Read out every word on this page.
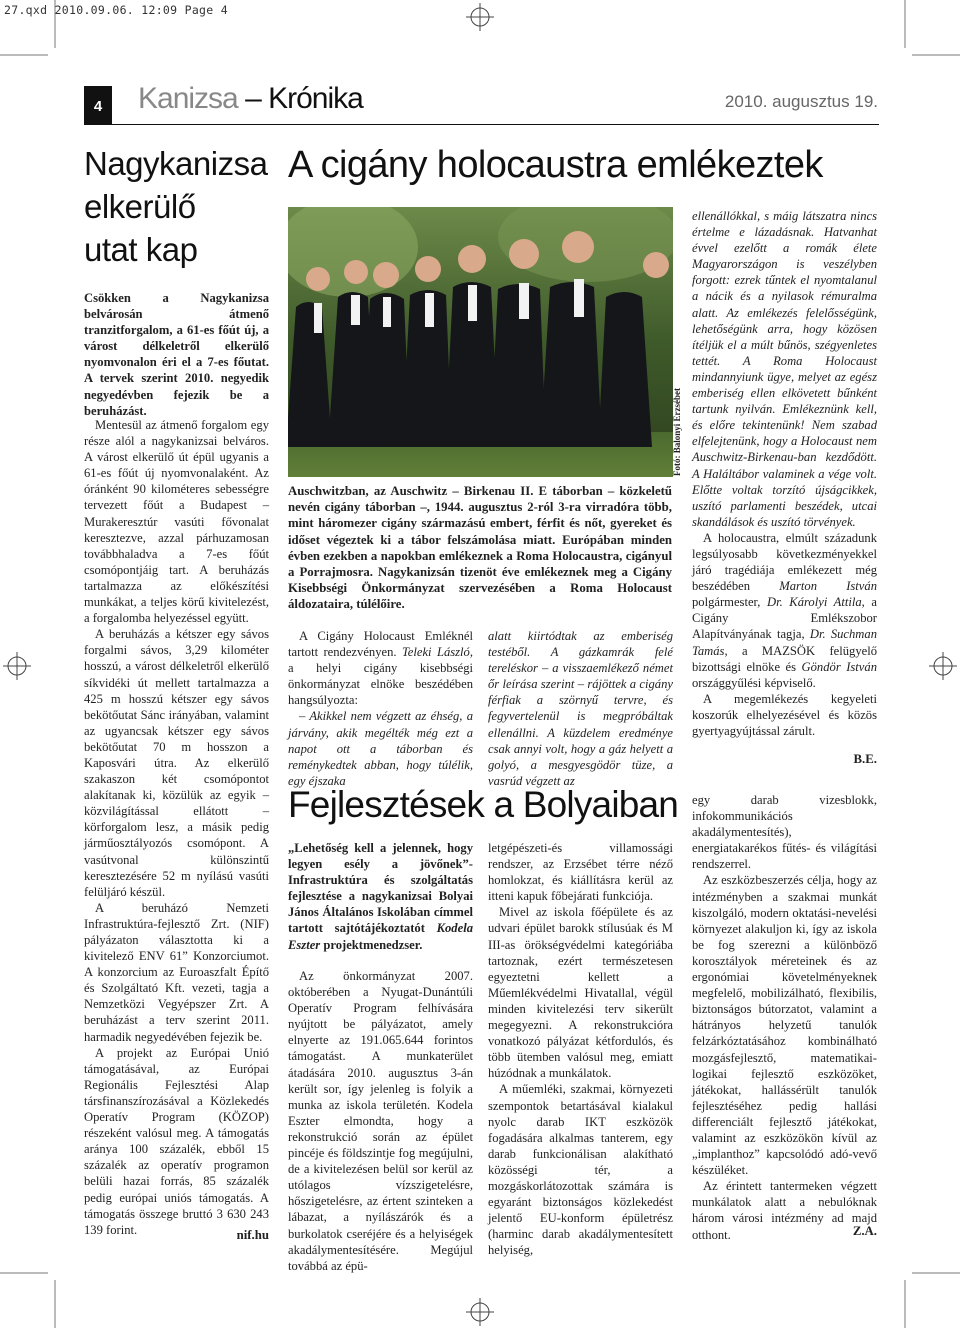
27.qxd 2010.09.06. 12:09 Page 4
4	Kanizsa – Krónika	2010. augusztus 19.
Nagykanizsa
elkerülő
utat kap
Csökken a Nagykanizsa belvárosán átmenő tranzitforgalom, a 61-es főút új, a várost délkeletről elkerülő nyomvonalon éri el a 7-es főutat. A tervek szerint 2010. negyedik negyedévben fejezik be a beruházást.

Mentesül az átmenő forgalom egy része alól a nagykanizsai belváros. A várost elkerülő út épül ugyanis a 61-es főút új nyomvonalaként. Az óránként 90 kilométeres sebességre tervezett főút a Budapest – Murakeresztúr vasúti fővonalat keresztezve, azzal párhuzamosan továbbhaladva a 7-es főút csomópontjáig tart. A beruházás tartalmazza az előkészítési munkákat, a teljes körű kivitelezést, a forgalomba helyezéssel együtt.

A beruházás a kétszer egy sávos forgalmi sávos, 3,29 kilométer hosszú, a várost délkeletről elkerülő síkvidéki út mellett tartalmazza a 425 m hosszú kétszer egy sávos bekötőutat Sánc irányában, valamint az ugyancsak kétszer egy sávos bekötőutat 70 m hosszon a Kaposvári útra. Az elkerülő szakaszon két csomópontot alakítanak ki, közülük az egyik – közvilágítással ellátott – körforgalom lesz, a másik pedig járműosztályozós csomópont. A vasútvonal különszintű keresztezésére 52 m nyílású vasúti felüljáró készül.

A beruházó Nemzeti Infrastruktúra-fejlesztő Zrt. (NIF) pályázaton választotta ki a kivitelező ENV 61” Konzorciumot. A konzorcium az Euroaszfalt Építő és Szolgáltató Kft. vezeti, tagja a Nemzetközi Vegyépszer Zrt. A beruházást a terv szerint 2011. harmadik negyedévében fejezik be.

A projekt az Európai Unió támogatásával, az Európai Regionális Fejlesztési Alap társfinanszírozásával a Közlekedés Operatív Program (KÖZOP) részeként valósul meg. A támogatás aránya 100 százalék, ebből 15 százalék az operatív programon belüli hazai forrás, 85 százalék pedig európai uniós támogatás. A támogatás összege bruttó 3 630 243 139 forint.	nif.hu
A cigány holocaustra emlékeztek
Fotó: Balonyi Erzsébet
Auschwitzban, az Auschwitz – Birkenau II. E táborban – közkeletű nevén cigány táborban –, 1944. augusztus 2-ról 3-ra virradóra több, mint háromezer cigány származású embert, férfit és nőt, gyereket és időset végeztek ki a tábor felszámolása miatt. Európában minden évben ezekben a napokban emlékeznek a Roma Holocaustra, cigányul a Porrajmosra. Nagykanizsán tizenöt éve emlékeznek meg a Cigány Kisebbségi Önkormányzat szervezésében a Roma Holocaust áldozataira, túlélőire.

A Cigány Holocaust Emléknél tartott rendezvényen. Teleki László, a helyi cigány kisebbségi önkormányzat elnöke beszédében hangsúlyozta:

– Akikkel nem végzett az éhség, a járvány, akik megélték még ezt a napot ott a táborban és reménykedtek abban, hogy túlélik, egy éjszaka

alatt kiirtódtak az emberiség testéből. A gázkamrák felé tereléskor – a visszaemlékező német őr leírása szerint – rájöttek a cigány férfiak a szörnyű tervre, és fegyvertelenül is megpróbáltak ellenállni. A küzdelem eredménye csak annyi volt, hogy a gáz helyett a golyó, a mesgyesgödör tüze, a vasrúd végzett az

ellenállókkal, s máig látszatra nincs értelme e lázadásnak. Hatvanhat évvel ezelőtt a romák élete Magyarországon is veszélyben forgott: ezrek tűntek el nyomtalanul a nácik és a nyilasok rémuralma alatt. Az emlékezés felelősségünk, lehetőségünk arra, hogy közösen ítéljük el a múlt bűnös, szégyenletes tettét. A Roma Holocaust mindannyiunk ügye, melyet az egész emberiség ellen elkövetett bűnként tartunk nyilván. Emlékeznünk kell, és előre tekintenünk! Nem szabad elfelejtenünk, hogy a Holocaust nem Auschwitz-Birkenau-ban kezdődött. A Haláltábor valaminek a vége volt. Előtte voltak torzító újságcikkek, uszító parlamenti beszédek, utcai skandálások és uszító törvények.

A holocaustra, elmúlt századunk legsúlyosabb következményekkel járó tragédiája emlékezett még beszédében Marton István polgármester, Dr. Károlyi Attila, a Cigány Emlékszobor Alapítványának tagja, Dr. Suchman Tamás, a MAZSÖK felügyelő bizottsági elnöke és Göndör István országgyűlési képviselő.

A megemlékezés kegyeleti koszorúk elhelyezésével és közös gyertyagyújtással zárult.

B.E.
Fejlesztések a Bolyaiban
„Lehetőség kell a jelennek, hogy legyen esély a jövőnek”- Infrastruktúra és szolgáltatás fejlesztése a nagykanizsai Bolyai János Általános Iskolában címmel tartott sajtótájékoztatót Kodela Eszter projektmenedzser.

Az önkormányzat 2007. októberében a Nyugat-Dunántúli Operatív Program felhívására nyújtott be pályázatot, amely elnyerte az 191.065.644 forintos támogatást. A munkaterület átadására 2010. augusztus 3-án került sor, így jelenleg is folyik a munka az iskola területén. Kodela Eszter elmondta, hogy a rekonstrukció során az épület pincéje és földszintje fog megújulni, de a kivitelezésen belül sor kerül az utólagos vízszigetelésre, hőszigetelésre, az értent szinteken a lábazat, a nyílászárók és a burkolatok cseréjére és a helyiségek akadálymentesítésére. Megújul továbbá az épü-

letgépészeti-és villamossági rendszer, az Erzsébet térre néző homlokzat, és kiállításra kerül az itteni kapuk főbejárati funkciója.

Mivel az iskola főépülete és az udvari épület barokk stílusúak és M III-as örökségvédelmi kategóriába tartoznak, ezért természetesen egyeztetni kellett a Műemlékvédelmi Hivatallal, végül minden kivitelezési terv sikerült megegyezni. A rekonstrukcióra vonatkozó pályázat kétfordulós, és több ütemben valósul meg, emiatt húzódnak a munkálatok.

A műemléki, szakmai, környezeti szempontok betartásával kialakul nyolc darab IKT eszközök fogadására alkalmas tanterem, egy darab funkcionálisan alakítható közösségi tér, a mozgáskorlátozottak számára is egyaránt biztonságos közlekedést jelentő EU-konform épületrész (harminc darab akadálymentesített helyiség,

egy darab vizesblokk, infokommunikációs akadálymentesítés), energiatakarékos fűtés- és világítási rendszerrel.

Az eszközbeszerzés célja, hogy az intézményben a szakmai munkát kiszolgáló, modern oktatási-nevelési környezet alakuljon ki, így az iskola be fog szerezni a különböző korosztályok méreteinek és az ergonómiai követelményeknek megfelelő, mobilizálható, flexibilis, biztonságos bútorzatot, valamint a hátrányos helyzetű tanulók felzárkóztatásához kombinálható mozgásfejlesztő, matematikai-logikai fejlesztő eszközöket, játékokat, hallássérült tanulók fejlesztéséhez pedig hallási differenciált fejlesztő játékokat, valamint az eszközökön kívül az „implanthoz” kapcsolódó adó-vevő készüléket.

Az érintett tantermeken végzett munkálatok alatt a nebulóknak három városi intézmény ad majd otthont.	Z.A.
